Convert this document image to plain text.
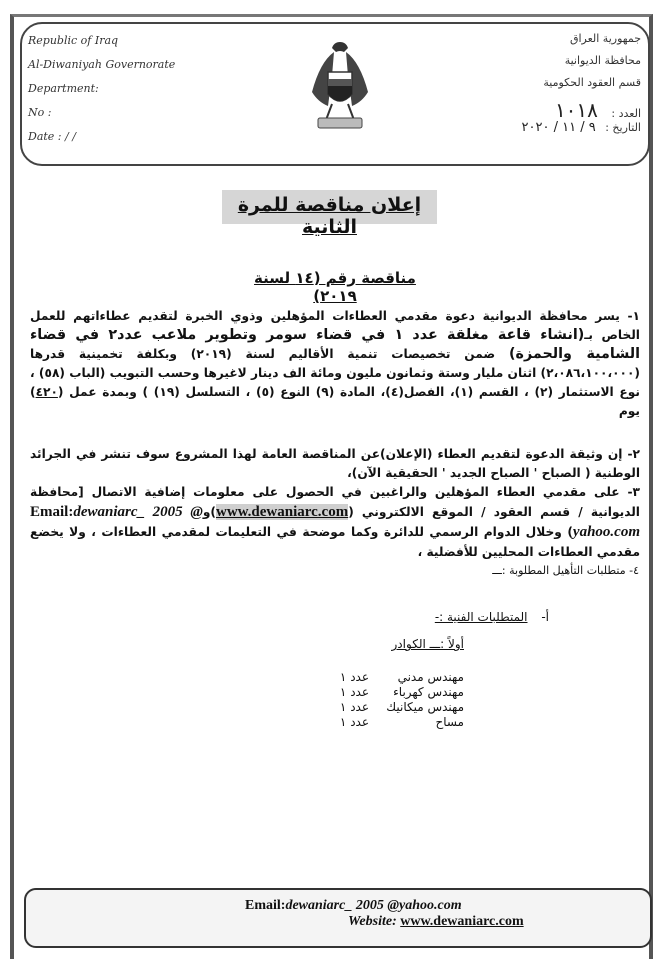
Republic of Iraq
Al-Diwaniyah Governorate
Department:
No :
Date : / /
جمهورية العراق
محافظة الديوانية
قسم العقود الحكومية
العدد : ١٠١٨
التاريخ : ٩ / ١١ / ٢٠٢٠
إعلان مناقصة للمرة الثانية
مناقصة رقم (١٤ لسنة ٢٠١٩)
١- يسر محافظة الديوانية دعوة مقدمي العطاءات المؤهلين وذوي الخبرة لتقديم عطاءاتهم للعمل الخاص بـ(انشاء قاعة مغلقة عدد ١ في قضاء سومر وتطوير ملاعب عدد٢ في قضاء الشامية والحمزة) ضمن تخصيصات تنمية الأقاليم لسنة (٢٠١٩) وبكلفة تخمينية قدرها (٢،٠٨٦،١٠٠،٠٠٠) اثنان مليار وستة وثمانون مليون ومائة الف دينار لاغيرها وحسب التبويب (الباب (٥٨) ، نوع الاستثمار (٢) ، القسم (١)، الفصل(٤)، المادة (٩) النوع (٥) ، التسلسل (١٩) ) وبمدة عمل (٤٢٠) يوم
٢- إن وثيقة الدعوة لتقديم العطاء (الإعلان)عن المناقصة العامة لهذا المشروع سوف تنشر في الجرائد الوطنية ( الصباح ' الصباح الجديد ' الحقيقية الآن)،
٣- على مقدمي العطاء المؤهلين والراغبين في الحصول على معلومات إضافية الاتصال [محافظة الديوانية / قسم العقود / الموقع الالكتروني (www.dewaniarc.com)وEmail:dewaniarc_ 2005 @ yahoo.com) وخلال الدوام الرسمي للدائرة وكما موضحة في التعليمات لمقدمي العطاءات ، ولا يخضع مقدمي العطاءات المحليين للأفضلية ،
٤- متطلبات التأهيل المطلوبة :ـــ
أ- المتطلبات الفنية :-
أولاً :ـــ الكوادر
مهندس مدني
عدد ١
مهندس كهرباء
عدد ١
مهندس ميكانيك
عدد ١
مساح
عدد ١
Email:dewaniarc_ 2005 @yahoo.com
Website: www.dewaniarc.com
